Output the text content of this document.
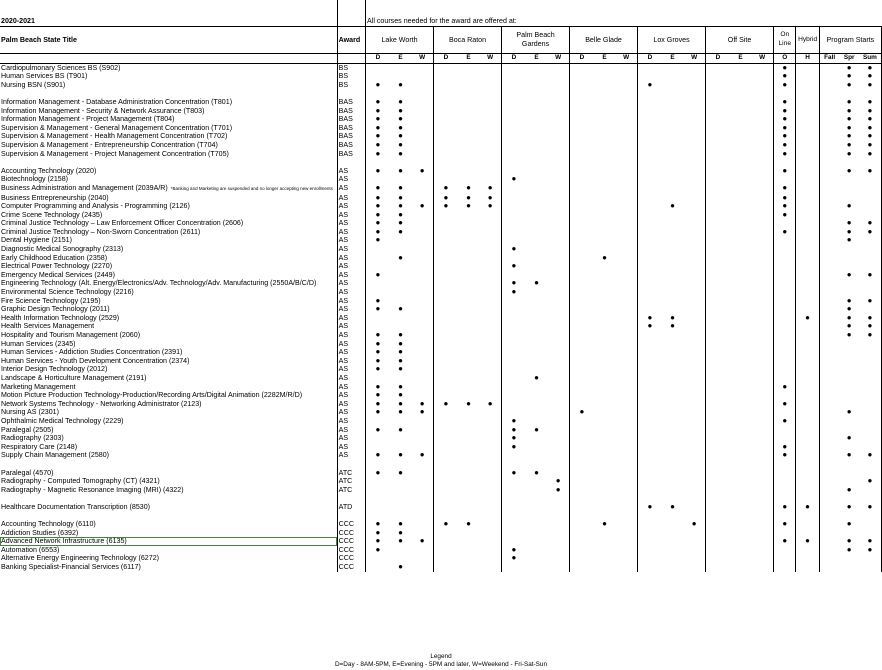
2020-2021		All courses needed for the award are offered at:																						
Palm Beach State Title	Award	Lake Worth			Boca Raton			Palm Beach Gardens			Belle Glade			Lox Groves			Off Site			On Line	Hybrid	Program Starts		
		D	E	W	D	E	W	D	E	W	D	E	W	D	E	W	D	E	W	O	H	Fall	Spr	Sum
Cardiopulmonary Sciences BS (S902)	BS																			●			●	●
Human Services BS (T901)	BS																			●			●	●
Nursing BSN (S901)	BS	●	●											●						●			●	●

Information Management - Database Administration Concentration (T801)	BAS	●	●																	●			●	●
Information Management - Security & Network Assurance (T803)	BAS	●	●																	●			●	●
Information Management - Project Management (T804)	BAS	●	●																	●			●	●
Supervision & Management - General Management Concentration (T701)	BAS	●	●																	●			●	●
Supervision & Management - Health Management Concentration (T702)	BAS	●	●																	●			●	●
Supervision & Management - Entrepreneurship Concentration (T704)	BAS	●	●																	●			●	●
Supervision & Management - Project Management Concentration (T705)	BAS	●	●																	●			●	●

Accounting Technology (2020)	AS	●	●	●																●			●	●
Biotechnology (2158)	AS							●																
Business Administration and Management (2039A/R) *Banking and Marketing are suspended and no longer accepting new enrollments	AS	●	●		●	●	●													●				
Business Entrepreneurship (2040)	AS	●	●		●	●	●													●				
Computer Programming and Analysis - Programming (2126)	AS	●	●	●	●	●	●								●					●			●	
Crime Scene Technology (2435)	AS	●	●																	●				
Criminal Justice Technology – Law Enforcement Officer Concentration (2606)	AS	●	●																				●	●
Criminal Justice Technology – Non-Sworn Concentration (2611)	AS	●	●																	●			●	●
Dental Hygiene (2151)	AS	●																					●	
Diagnostic Medical Sonography (2313)	AS							●																
Early Childhood Education (2358)	AS		●									●												
Electrical Power Technology (2270)	AS							●																
Emergency Medical Services (2449)	AS	●																					●	●
Engineering Technology (Alt. Energy/Electronics/Adv. Technology/Adv. Manufacturing (2550A/B/C/D)	AS							●	●															
Environmental Science Technology (2216)	AS							●																
Fire Science Technology (2195)	AS	●																					●	●
Graphic Design Technology (2011)	AS	●	●																				●	
Health Information Technology (2529)	AS													●	●						●		●	●
Health Services Management	AS													●	●								●	●
Hospitality and Tourism Management (2060)	AS	●	●																				●	●
Human Services (2345)	AS	●	●																					
Human Services - Addiction Studies Concentration (2391)	AS	●	●																					
Human Services - Youth Development Concentration (2374)	AS	●	●																					
Interior Design Technology (2012)	AS	●	●																					
Landscape & Horticulture Management (2191)	AS								●															
Marketing Management	AS	●	●																	●				
Motion Picture Production Technology-Production/Recording Arts/Digital Animation (2282M/R/D)	AS	●	●																					
Network Systems Technology - Networking Administrator (2123)	AS	●	●	●	●	●	●													●				
Nursing AS (2301)	AS	●	●	●							●												●	
Ophthalmic Medical Technology (2229)	AS							●												●				
Paralegal (2505)	AS	●	●					●	●															
Radiography (2303)	AS							●															●	
Respiratory Care (2148)	AS							●												●				
Supply Chain Management (2580)	AS	●	●	●																●			●	●

Paralegal (4570)	ATC	●	●					●	●															
Radiography - Computed Tomography (CT) (4321)	ATC									●														●
Radiography - Magnetic Resonance Imaging (MRI) (4322)	ATC									●													●	

Healthcare Documentation Transcription (8530)	ATD													●	●					●	●		●	●

Accounting Technology (6110)	CCC	●	●		●	●						●				●				●			●	
Addiction Studies (6392)	CCC	●	●																					
Advanced Network Infrastructure (6135)	CCC	●	●	●																●	●		●	●
Automation (6553)	CCC	●						●															●	●
Alternative Energy Engineering Technology (6272)	CCC							●																
Banking Specialist-Financial Services (6117)	CCC		●																					
Legend
D=Day - 8AM-5PM, E=Evening - 5PM and later, W=Weekend - Fri-Sat-Sun
